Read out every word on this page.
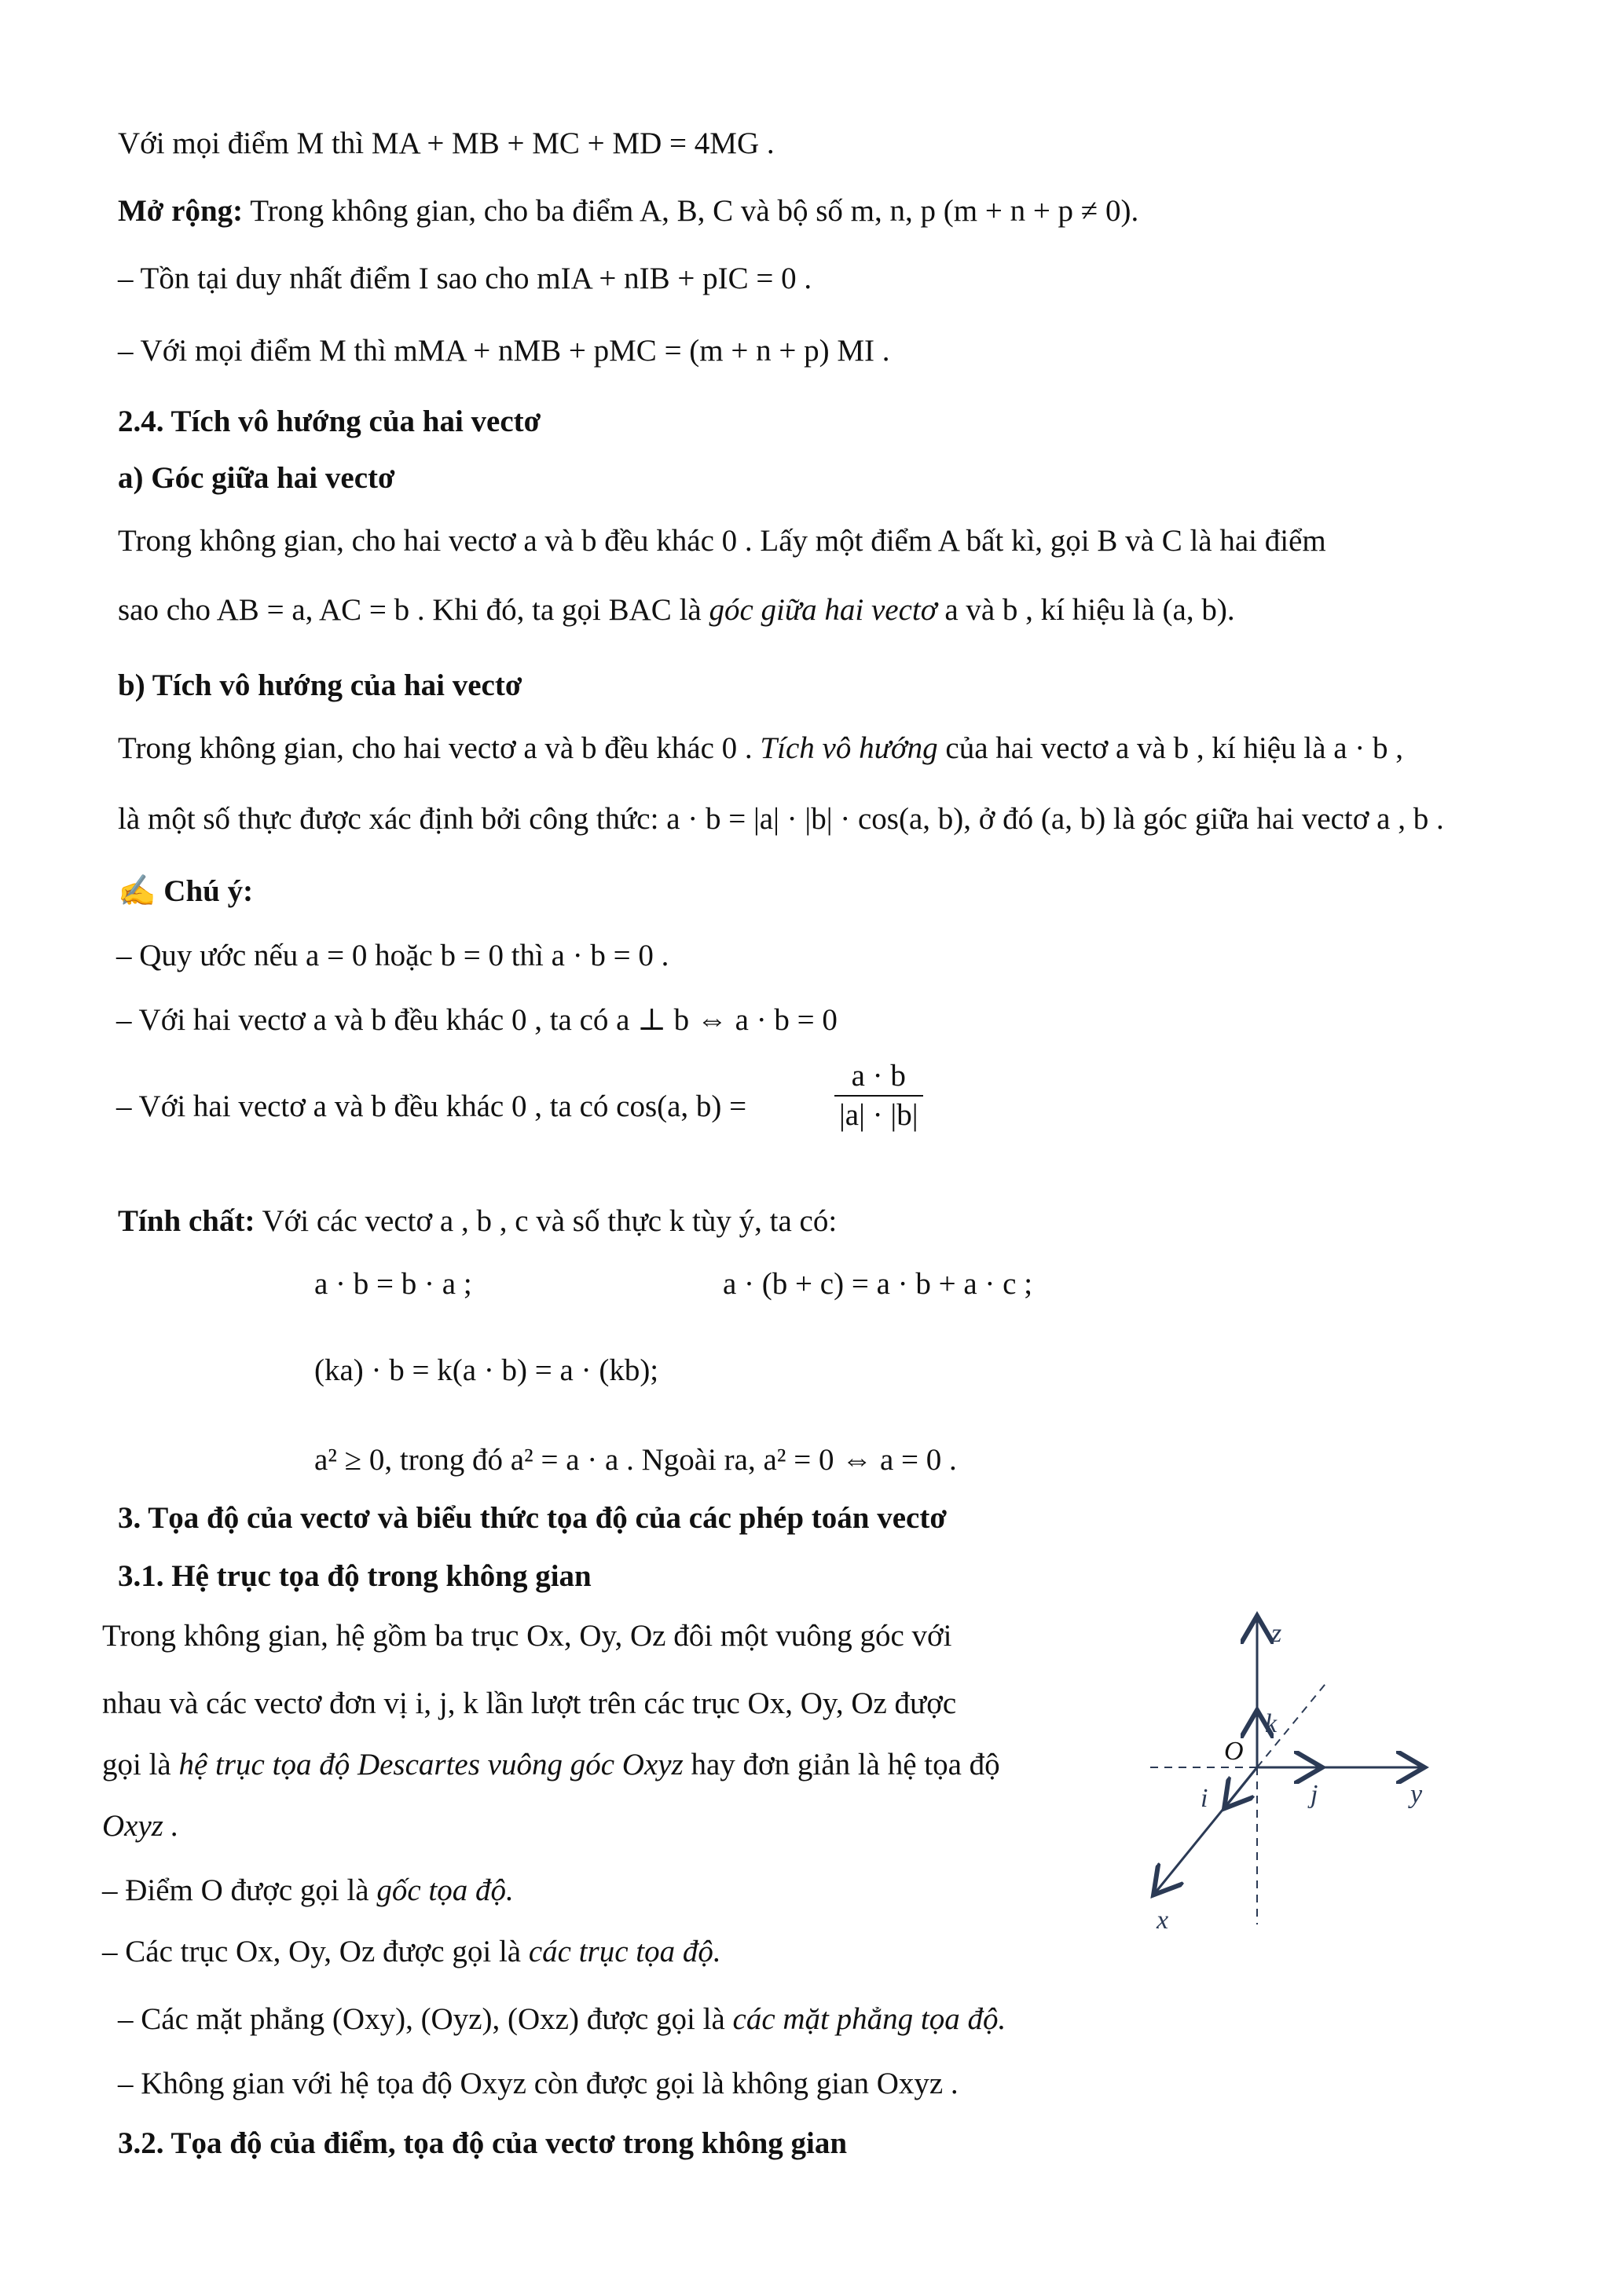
Với mọi điểm M thì MA + MB + MC + MD = 4MG .
Mở rộng: Trong không gian, cho ba điểm A, B, C và bộ số m, n, p (m + n + p ≠ 0).
– Tồn tại duy nhất điểm I sao cho mIA + nIB + pIC = 0 .
– Với mọi điểm M thì mMA + nMB + pMC = (m + n + p) MI .
2.4. Tích vô hướng của hai vectơ
a) Góc giữa hai vectơ
Trong không gian, cho hai vectơ a và b đều khác 0 . Lấy một điểm A bất kì, gọi B và C là hai điểm
sao cho AB = a, AC = b . Khi đó, ta gọi BAC là góc giữa hai vectơ a và b , kí hiệu là (a, b).
b) Tích vô hướng của hai vectơ
Trong không gian, cho hai vectơ a và b đều khác 0 . Tích vô hướng của hai vectơ a và b , kí hiệu là a · b ,
là một số thực được xác định bởi công thức: a · b = |a| · |b| · cos(a, b), ở đó (a, b) là góc giữa hai vectơ a , b .
✍ Chú ý:
– Quy ước nếu a = 0 hoặc b = 0 thì a · b = 0 .
– Với hai vectơ a và b đều khác 0 , ta có a ⊥ b ⇔ a · b = 0
– Với hai vectơ a và b đều khác 0 , ta có cos(a, b) =	$\frac{a \cdot b}{|a| \cdot |b|}$
Tính chất: Với các vectơ a , b , c và số thực k tùy ý, ta có:
a · b = b · a ;	a · (b + c) = a · b + a · c ;
(ka) · b = k(a · b) = a · (kb);
a² ≥ 0, trong đó a² = a · a . Ngoài ra, a² = 0 ⇔ a = 0 .
3. Tọa độ của vectơ và biểu thức tọa độ của các phép toán vectơ
3.1. Hệ trục tọa độ trong không gian
Trong không gian, hệ gồm ba trục Ox, Oy, Oz đôi một vuông góc với
nhau và các vectơ đơn vị i, j, k lần lượt trên các trục Ox, Oy, Oz được
gọi là hệ trục tọa độ Descartes vuông góc Oxyz hay đơn giản là hệ tọa độ
Oxyz .
– Điểm O được gọi là gốc tọa độ.
– Các trục Ox, Oy, Oz được gọi là các trục tọa độ.
– Các mặt phẳng (Oxy), (Oyz), (Oxz) được gọi là các mặt phẳng tọa độ.
– Không gian với hệ tọa độ Oxyz còn được gọi là không gian Oxyz .
3.2. Tọa độ của điểm, tọa độ của vectơ trong không gian
z
y
x
O
k
j
i
